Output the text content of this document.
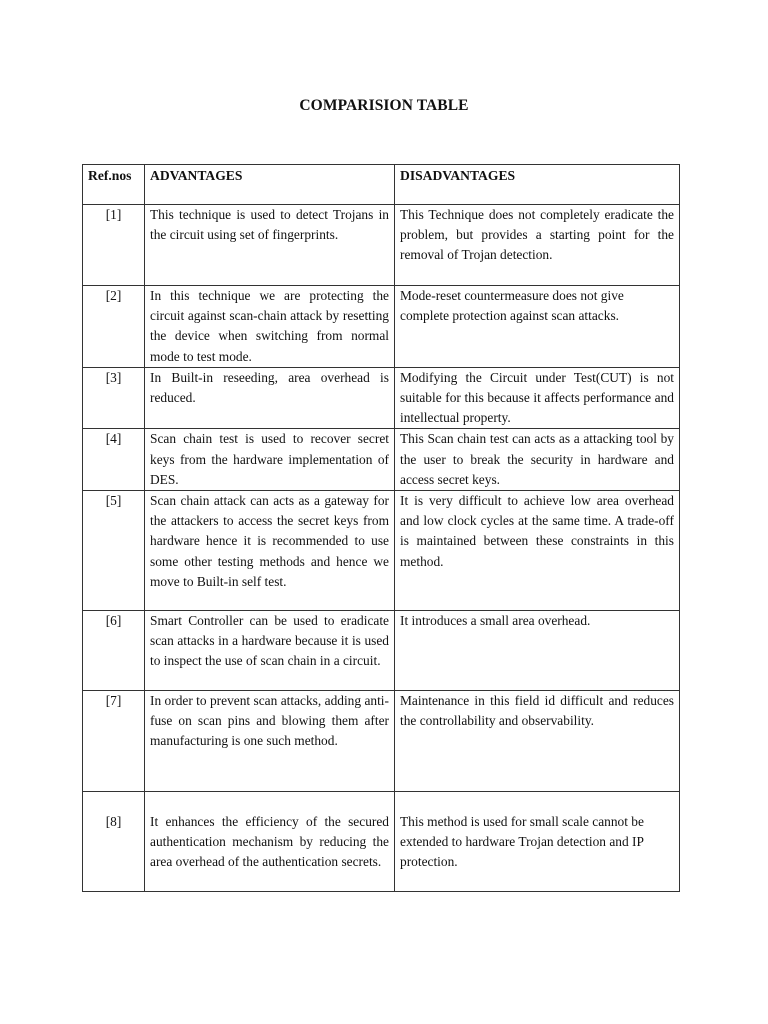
COMPARISION TABLE
Ref.nos	ADVANTAGES	DISADVANTAGES
[1]	This technique is used to detect Trojans in the circuit using set of fingerprints.	This Technique does not completely eradicate the problem, but provides a starting point for the removal of Trojan detection.
[2]	In this technique we are protecting the circuit against scan-chain attack by resetting the device when switching from normal mode to test mode.	Mode-reset countermeasure does not give complete protection against scan attacks.
[3]	In Built-in reseeding, area overhead is reduced.	Modifying the Circuit under Test(CUT) is not suitable for this because it affects performance and intellectual property.
[4]	Scan chain test is used to recover secret keys from the hardware implementation of DES.	This Scan chain test can acts as a attacking tool by the user to break the security in hardware and access secret keys.
[5]	Scan chain attack can acts as a gateway for the attackers to access the secret keys from hardware hence it is recommended to use some other testing methods and hence we move to Built-in self test.	It is very difficult to achieve low area overhead and low clock cycles at the same time. A trade-off is maintained between these constraints in this method.
[6]	Smart Controller can be used to eradicate scan attacks in a hardware because it is used to inspect the use of scan chain in a circuit.	It introduces a small area overhead.
[7]	In order to prevent scan attacks, adding anti-fuse on scan pins and blowing them after manufacturing is one such method.	Maintenance in this field id difficult and reduces the controllability and observability.
[8]	It enhances the efficiency of the secured authentication mechanism by reducing the area overhead of the authentication secrets.	This method is used for small scale cannot be extended to hardware Trojan detection and IP protection.
